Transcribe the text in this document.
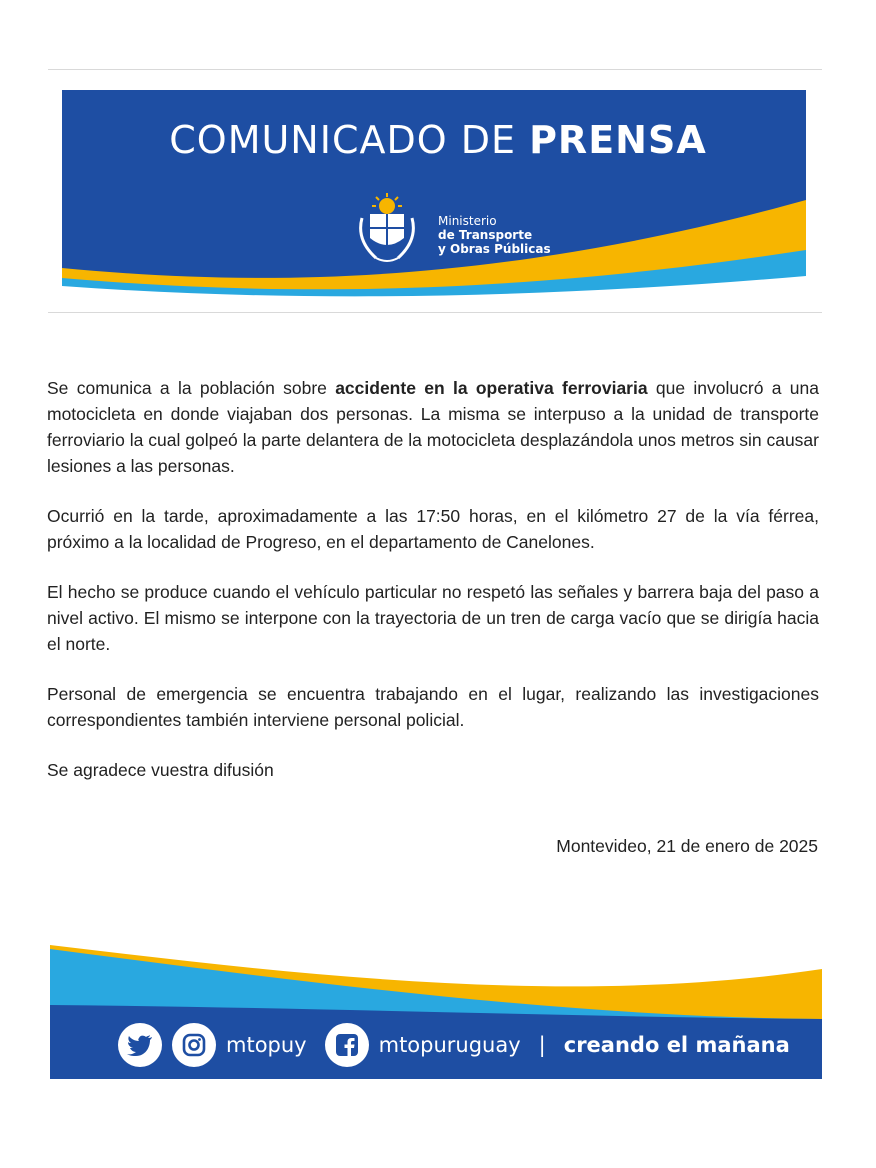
COMUNICADO DE PRENSA
Ministerio
de Transporte
y Obras Públicas

Se comunica a la población sobre accidente en la operativa ferroviaria que involucró a una motocicleta en donde viajaban dos personas. La misma se interpuso a la unidad de transporte ferroviario la cual golpeó la parte delantera de la motocicleta desplazándola unos metros sin causar lesiones a las personas.

Ocurrió en la tarde, aproximadamente a las 17:50 horas, en el kilómetro 27 de la vía férrea, próximo a la localidad de Progreso, en el departamento de Canelones.

El hecho se produce cuando el vehículo particular no respetó las señales y barrera baja del paso a nivel activo. El mismo se interpone con la trayectoria de un tren de carga vacío que se dirigía hacia el norte.

Personal de emergencia se encuentra trabajando en el lugar, realizando las investigaciones correspondientes también interviene personal policial.

Se agradece vuestra difusión

Montevideo, 21 de enero de 2025
mtopuy	mtopuruguay | creando el mañana
